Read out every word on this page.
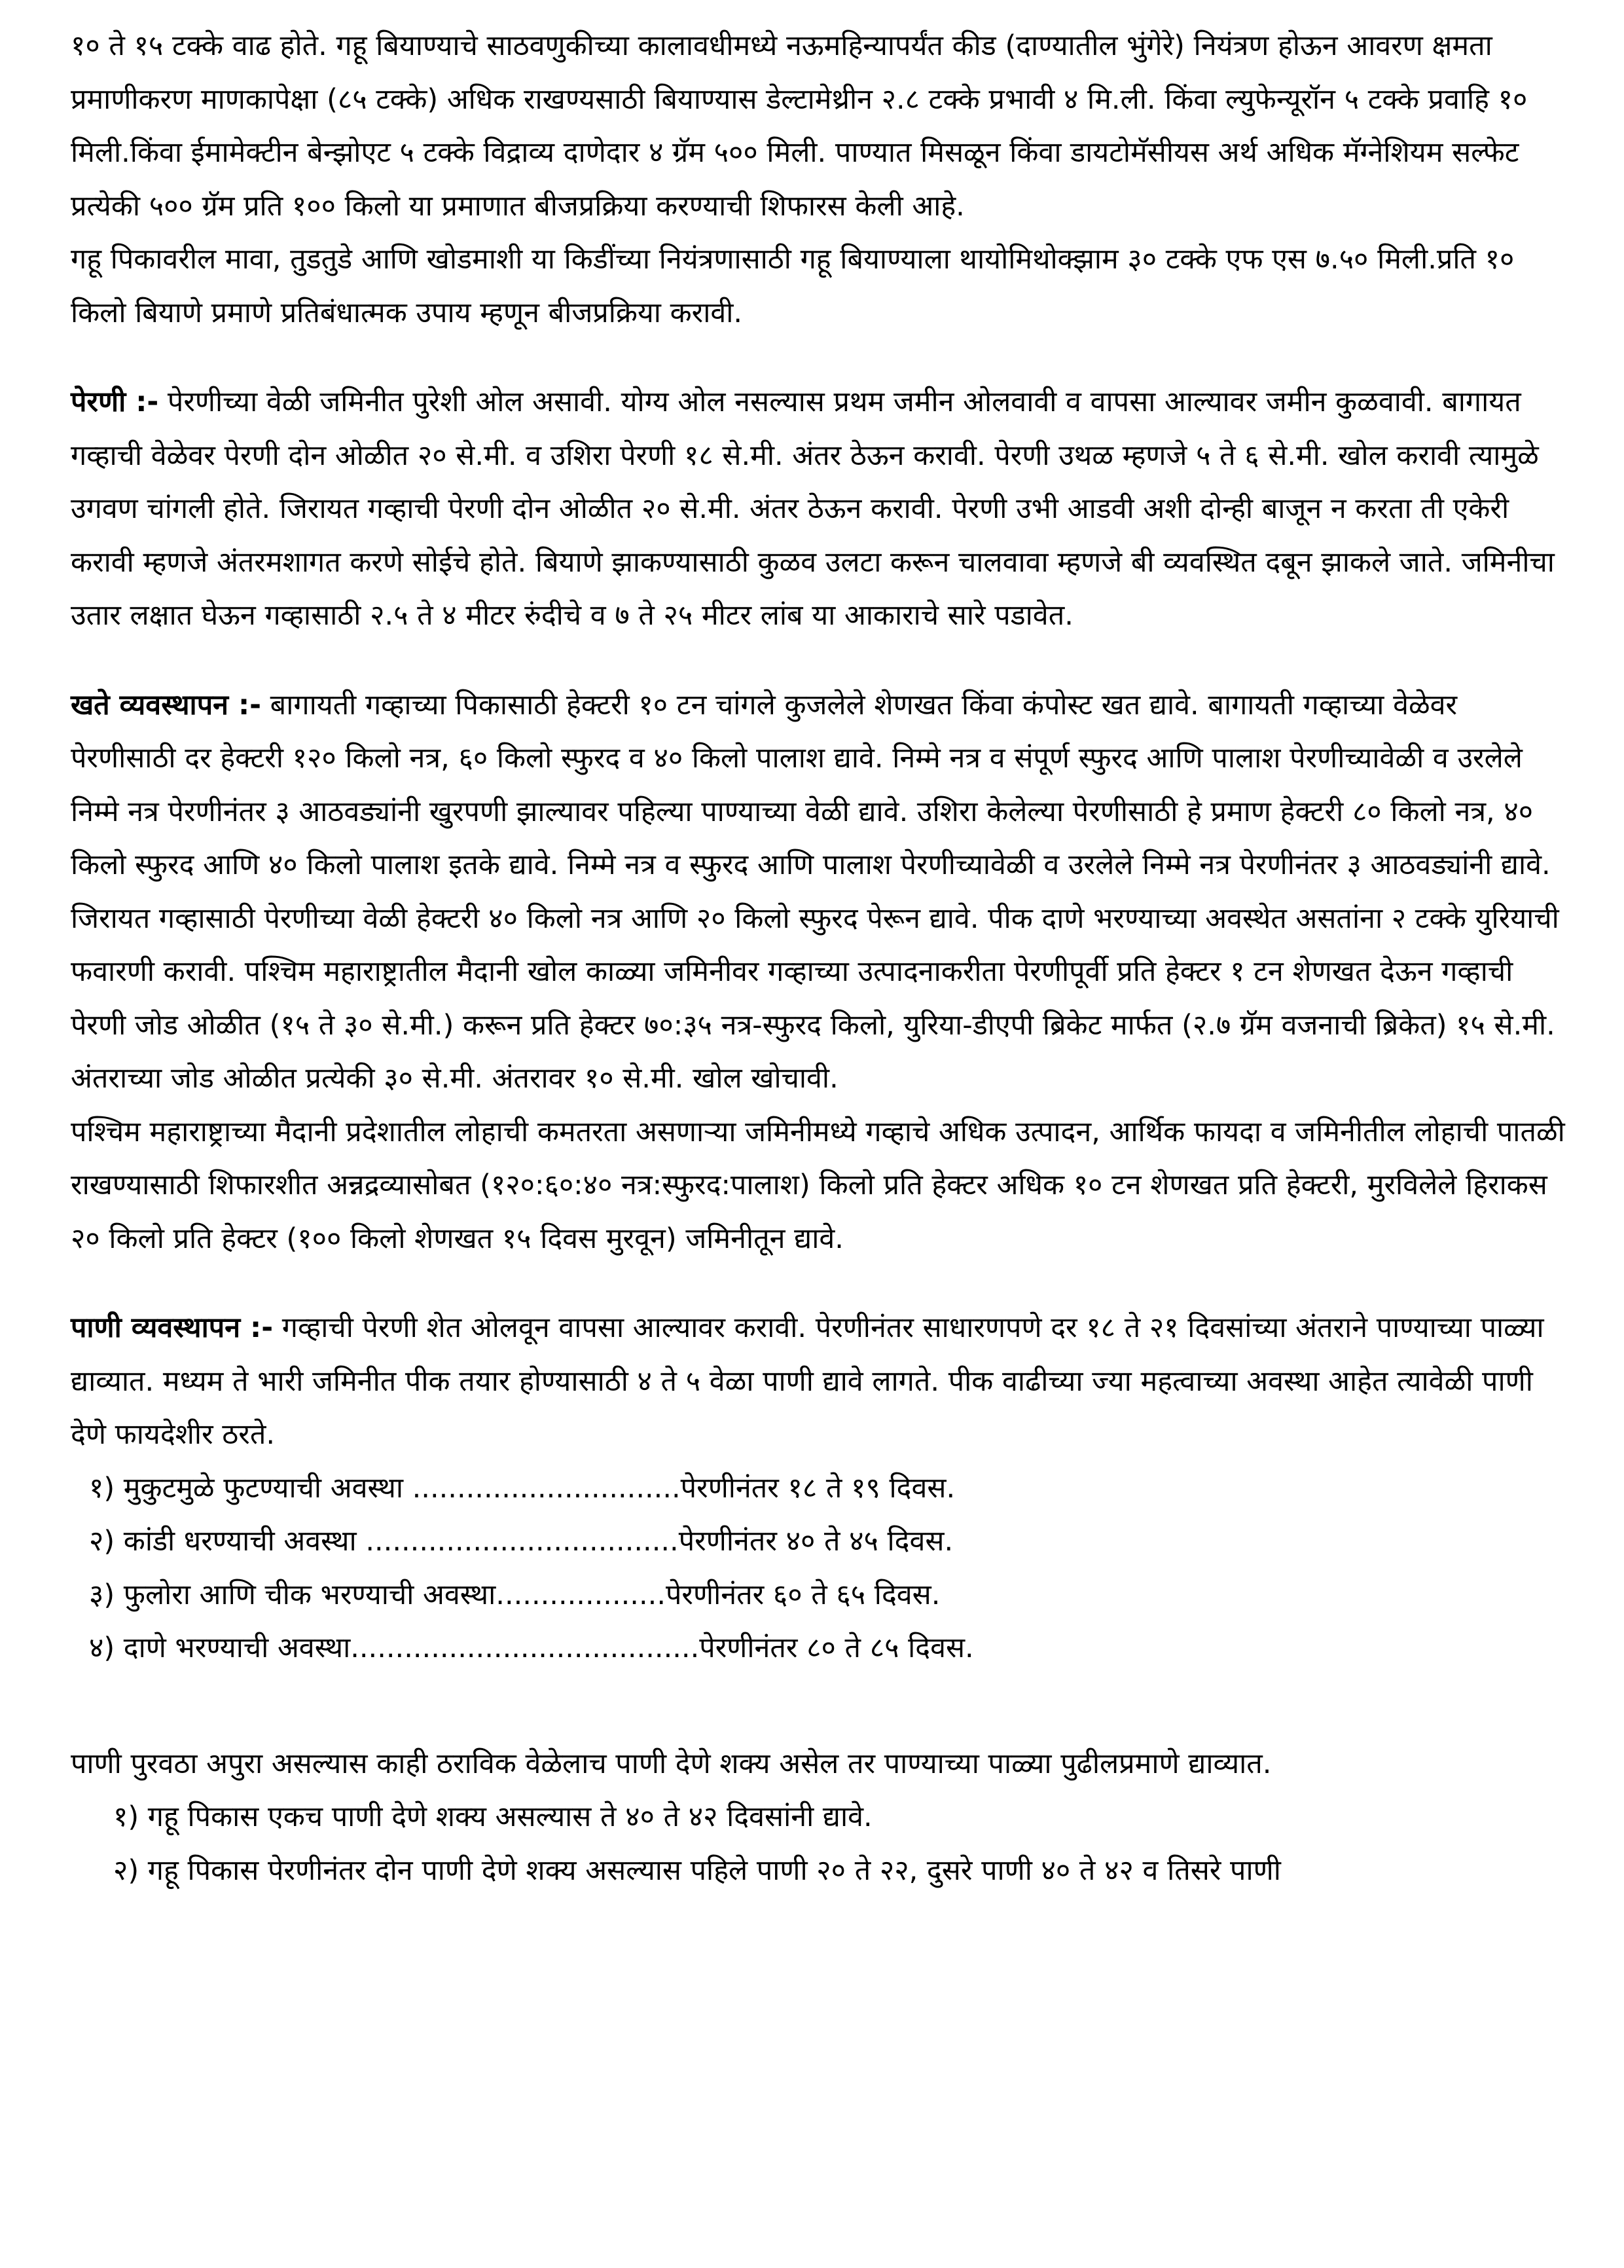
१० ते १५ टक्के वाढ होते. गहू बियाण्याचे साठवणुकीच्या कालावधीमध्ये नऊमहिन्यापर्यंत कीड (दाण्यातील भुंगेरे) नियंत्रण होऊन आवरण क्षमता प्रमाणीकरण माणकापेक्षा (८५ टक्के) अधिक राखण्यसाठी बियाण्यास डेल्टामेथ्रीन २.८ टक्के प्रभावी ४ मि.ली. किंवा ल्युफेन्यूरॉन ५ टक्के प्रवाहि १० मिली.किंवा ईमामेक्टीन बेन्झोएट ५ टक्के विद्राव्य दाणेदार ४ ग्रॅम ५०० मिली. पाण्यात मिसळून किंवा डायटोमॅसीयस अर्थ अधिक मॅग्नेशियम सल्फेट प्रत्येकी ५०० ग्रॅम प्रति १०० किलो या प्रमाणात बीजप्रक्रिया करण्याची शिफारस केली आहे.

गहू पिकावरील मावा, तुडतुडे आणि खोडमाशी या किडींच्या नियंत्रणासाठी गहू बियाण्याला थायोमिथोक्झाम ३० टक्के एफ एस ७.५० मिली.प्रति १० किलो बियाणे प्रमाणे प्रतिबंधात्मक उपाय म्हणून बीजप्रक्रिया करावी.

पेरणी :- पेरणीच्या वेळी जमिनीत पुरेशी ओल असावी. योग्य ओल नसल्यास प्रथम जमीन ओलवावी व वापसा आल्यावर जमीन कुळवावी. बागायत गव्हाची वेळेवर पेरणी दोन ओळीत २० से.मी. व उशिरा पेरणी १८ से.मी. अंतर ठेऊन करावी. पेरणी उथळ म्हणजे ५ ते ६ से.मी. खोल करावी त्यामुळे उगवण चांगली होते. जिरायत गव्हाची पेरणी दोन ओळीत २० से.मी. अंतर ठेऊन करावी. पेरणी उभी आडवी अशी दोन्ही बाजून न करता ती एकेरी करावी म्हणजे अंतरमशागत करणे सोईचे होते. बियाणे झाकण्यासाठी कुळव उलटा करून चालवावा म्हणजे बी व्यवस्थित दबून झाकले जाते. जमिनीचा उतार लक्षात घेऊन गव्हासाठी २.५ ते ४ मीटर रुंदीचे व ७ ते २५ मीटर लांब या आकाराचे सारे पडावेत.

खते व्यवस्थापन :- बागायती गव्हाच्या पिकासाठी हेक्टरी १० टन चांगले कुजलेले शेणखत किंवा कंपोस्ट खत द्यावे. बागायती गव्हाच्या वेळेवर पेरणीसाठी दर हेक्टरी १२० किलो नत्र, ६० किलो स्फुरद व ४० किलो पालाश द्यावे. निम्मे नत्र व संपूर्ण स्फुरद आणि पालाश पेरणीच्यावेळी व उरलेले निम्मे नत्र पेरणीनंतर ३ आठवड्यांनी खुरपणी झाल्यावर पहिल्या पाण्याच्या वेळी द्यावे. उशिरा केलेल्या पेरणीसाठी हे प्रमाण हेक्टरी ८० किलो नत्र, ४० किलो स्फुरद आणि ४० किलो पालाश इतके द्यावे. निम्मे नत्र व स्फुरद आणि पालाश पेरणीच्यावेळी व उरलेले निम्मे नत्र पेरणीनंतर ३ आठवड्यांनी द्यावे. जिरायत गव्हासाठी पेरणीच्या वेळी हेक्टरी ४० किलो नत्र आणि २० किलो स्फुरद पेरून द्यावे. पीक दाणे भरण्याच्या अवस्थेत असतांना २ टक्के युरियाची फवारणी करावी. पश्चिम महाराष्ट्रातील मैदानी खोल काळ्या जमिनीवर गव्हाच्या उत्पादनाकरीता पेरणीपूर्वी प्रति हेक्टर १ टन शेणखत देऊन गव्हाची पेरणी जोड ओळीत (१५ ते ३० से.मी.) करून प्रति हेक्टर ७०:३५ नत्र-स्फुरद किलो, युरिया-डीएपी ब्रिकेट मार्फत (२.७ ग्रॅम वजनाची ब्रिकेत) १५ से.मी. अंतराच्या जोड ओळीत प्रत्येकी ३० से.मी. अंतरावर १० से.मी. खोल खोचावी.

पश्चिम महाराष्ट्राच्या मैदानी प्रदेशातील लोहाची कमतरता असणाऱ्या जमिनीमध्ये गव्हाचे अधिक उत्पादन, आर्थिक फायदा व जमिनीतील लोहाची पातळी राखण्यासाठी शिफारशीत अन्नद्रव्यासोबत (१२०:६०:४० नत्र:स्फुरद:पालाश) किलो प्रति हेक्टर अधिक १० टन शेणखत प्रति हेक्टरी, मुरविलेले हिराकस २० किलो प्रति हेक्टर (१०० किलो शेणखत १५ दिवस मुरवून) जमिनीतून द्यावे.

पाणी व्यवस्थापन :- गव्हाची पेरणी शेत ओलवून वापसा आल्यावर करावी. पेरणीनंतर साधारणपणे दर १८ ते २१ दिवसांच्या अंतराने पाण्याच्या पाळ्या द्याव्यात. मध्यम ते भारी जमिनीत पीक तयार होण्यासाठी ४ ते ५ वेळा पाणी द्यावे लागते. पीक वाढीच्या ज्या महत्वाच्या अवस्था आहेत त्यावेळी पाणी देणे फायदेशीर ठरते.

१) मुकुटमुळे फुटण्याची अवस्था ..............................पेरणीनंतर १८ ते १९ दिवस.
२) कांडी धरण्याची अवस्था ...................................पेरणीनंतर ४० ते ४५ दिवस.
३) फुलोरा आणि चीक भरण्याची अवस्था...................पेरणीनंतर ६० ते ६५ दिवस.
४) दाणे भरण्याची अवस्था.......................................पेरणीनंतर ८० ते ८५ दिवस.

पाणी पुरवठा अपुरा असल्यास काही ठराविक वेळेलाच पाणी देणे शक्य असेल तर पाण्याच्या पाळ्या पुढीलप्रमाणे द्याव्यात.

१) गहू पिकास एकच पाणी देणे शक्य असल्यास ते ४० ते ४२ दिवसांनी द्यावे.
२) गहू पिकास पेरणीनंतर दोन पाणी देणे शक्य असल्यास पहिले पाणी २० ते २२, दुसरे पाणी ४० ते ४२ व तिसरे पाणी
